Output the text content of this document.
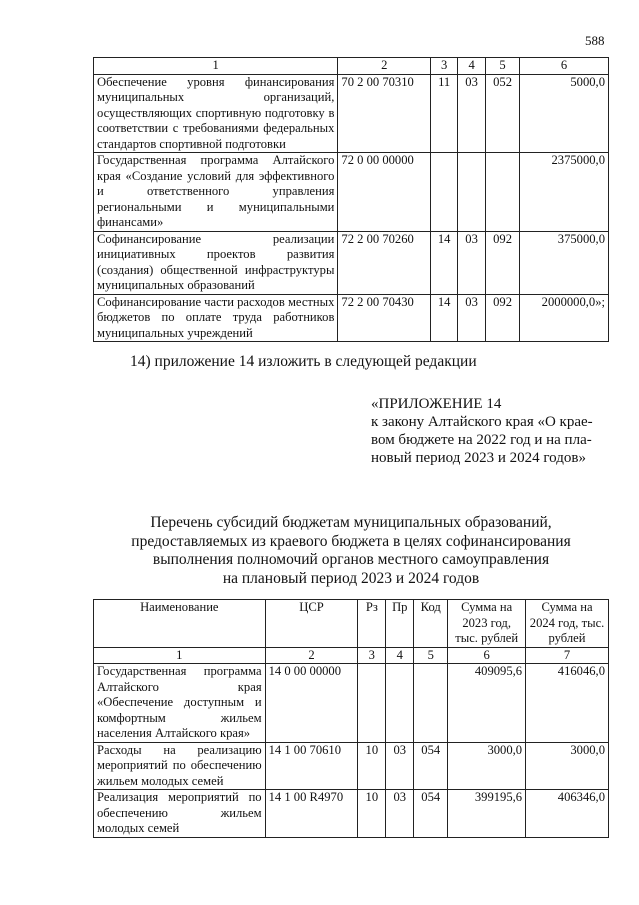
588
1	2	3	4	5	6
Обеспечение уровня финансирования муниципальных организаций, осуществляющих спортивную подготовку в соответствии с требованиями федеральных стандартов спортивной подготовки	70 2 00 70310	11	03	052	5000,0
Государственная программа Алтайского края «Создание условий для эффективного и ответственного управления региональными и муниципальными финансами»	72 0 00 00000				2375000,0
Софинансирование реализации инициативных проектов развития (создания) общественной инфраструктуры муниципальных образований	72 2 00 70260	14	03	092	375000,0
Софинансирование части расходов местных бюджетов по оплате труда работников муниципальных учреждений	72 2 00 70430	14	03	092	2000000,0»;
14) приложение 14 изложить в следующей редакции
«ПРИЛОЖЕНИЕ 14
к закону Алтайского края «О крае-
вом бюджете на 2022 год и на пла-
новый период 2023 и 2024 годов»
Перечень субсидий бюджетам муниципальных образований,
предоставляемых из краевого бюджета в целях софинансирования
выполнения полномочий органов местного самоуправления
на плановый период 2023 и 2024 годов
Наименование	ЦСР	Рз	Пр	Код	Сумма на 2023 год, тыс. рублей	Сумма на 2024 год, тыс. рублей
1	2	3	4	5	6	7
Государственная программа Алтайского края «Обеспечение доступным и комфортным жильем населения Алтайского края»	14 0 00 00000				409095,6	416046,0
Расходы на реализацию мероприятий по обеспечению жильем молодых семей	14 1 00 70610	10	03	054	3000,0	3000,0
Реализация мероприятий по обеспечению жильем молодых семей	14 1 00 R4970	10	03	054	399195,6	406346,0
